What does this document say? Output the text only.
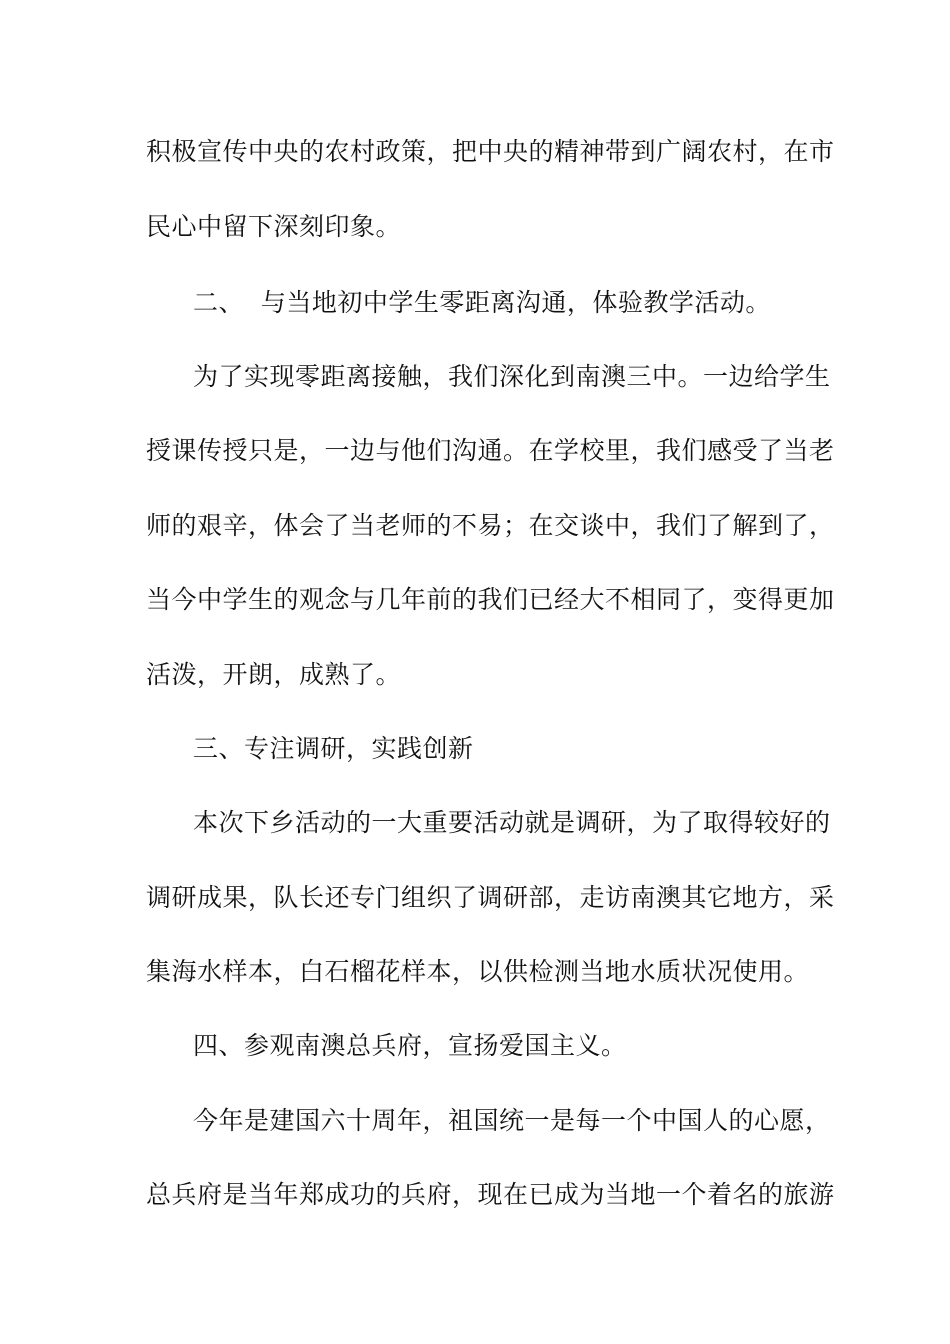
积极宣传中央的农村政策，把中央的精神带到广阔农村，在市
民心中留下深刻印象。
二、  与当地初中学生零距离沟通，体验教学活动。
为了实现零距离接触，我们深化到南澳三中。一边给学生
授课传授只是，一边与他们沟通。在学校里，我们感受了当老
师的艰辛，体会了当老师的不易；在交谈中，我们了解到了，
当今中学生的观念与几年前的我们已经大不相同了，变得更加
活泼，开朗，成熟了。
三、专注调研，实践创新
本次下乡活动的一大重要活动就是调研，为了取得较好的
调研成果，队长还专门组织了调研部，走访南澳其它地方，采
集海水样本，白石榴花样本，以供检测当地水质状况使用。
四、参观南澳总兵府，宣扬爱国主义。
今年是建国六十周年，祖国统一是每一个中国人的心愿，
总兵府是当年郑成功的兵府，现在已成为当地一个着名的旅游
